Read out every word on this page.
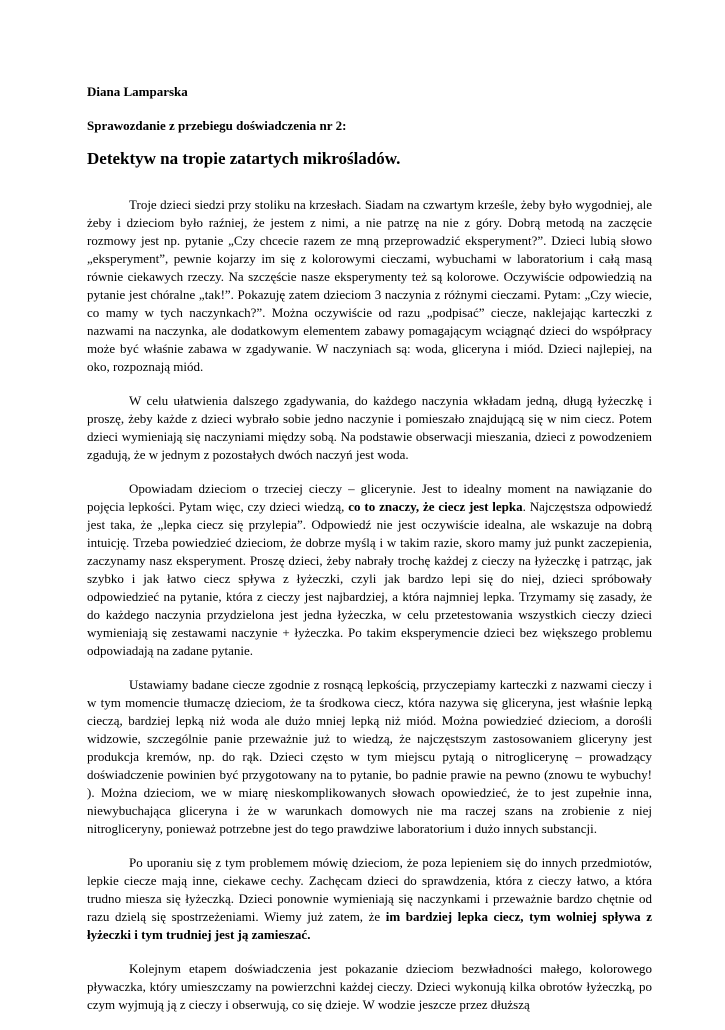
Diana Lamparska
Sprawozdanie z przebiegu doświadczenia nr 2:
Detektyw na tropie zatartych mikrośladów.
Troje dzieci siedzi przy stoliku na krzesłach. Siadam na czwartym krześle, żeby było wygodniej, ale żeby i dzieciom było raźniej, że jestem z nimi, a nie patrzę na nie z góry. Dobrą metodą na zaczęcie rozmowy jest np. pytanie „Czy chcecie razem ze mną przeprowadzić eksperyment?”. Dzieci lubią słowo „eksperyment”, pewnie kojarzy im się z kolorowymi cieczami, wybuchami w laboratorium i całą masą równie ciekawych rzeczy. Na szczęście nasze eksperymenty też są kolorowe. Oczywiście odpowiedzią na pytanie jest chóralne „tak!”. Pokazuję zatem dzieciom 3 naczynia z różnymi cieczami. Pytam: „Czy wiecie, co mamy w tych naczynkach?”. Można oczywiście od razu „podpisać” ciecze, naklejając karteczki z nazwami na naczynka, ale dodatkowym elementem zabawy pomagającym wciągnąć dzieci do współpracy może być właśnie zabawa w zgadywanie. W naczyniach są: woda, gliceryna i miód. Dzieci najlepiej, na oko, rozpoznają miód.
W celu ułatwienia dalszego zgadywania, do każdego naczynia wkładam jedną, długą łyżeczkę i proszę, żeby każde z dzieci wybrało sobie jedno naczynie i pomieszało znajdującą się w nim ciecz. Potem dzieci wymieniają się naczyniami między sobą. Na podstawie obserwacji mieszania, dzieci z powodzeniem zgadują, że w jednym z pozostałych dwóch naczyń jest woda.
Opowiadam dzieciom o trzeciej cieczy – glicerynie. Jest to idealny moment na nawiązanie do pojęcia lepkości. Pytam więc, czy dzieci wiedzą, co to znaczy, że ciecz jest lepka. Najczęstsza odpowiedź jest taka, że „lepka ciecz się przylepia”. Odpowiedź nie jest oczywiście idealna, ale wskazuje na dobrą intuicję. Trzeba powiedzieć dzieciom, że dobrze myślą i w takim razie, skoro mamy już punkt zaczepienia, zaczynamy nasz eksperyment. Proszę dzieci, żeby nabrały trochę każdej z cieczy na łyżeczkę i patrząc, jak szybko i jak łatwo ciecz spływa z łyżeczki, czyli jak bardzo lepi się do niej, dzieci spróbowały odpowiedzieć na pytanie, która z cieczy jest najbardziej, a która najmniej lepka. Trzymamy się zasady, że do każdego naczynia przydzielona jest jedna łyżeczka, w celu przetestowania wszystkich cieczy dzieci wymieniają się zestawami naczynie + łyżeczka. Po takim eksperymencie dzieci bez większego problemu odpowiadają na zadane pytanie.
Ustawiamy badane ciecze zgodnie z rosnącą lepkością, przyczepiamy karteczki z nazwami cieczy i w tym momencie tłumaczę dzieciom, że ta środkowa ciecz, która nazywa się gliceryna, jest właśnie lepką cieczą, bardziej lepką niż woda ale dużo mniej lepką niż miód. Można powiedzieć dzieciom, a dorośli widzowie, szczególnie panie przeważnie już to wiedzą, że najczęstszym zastosowaniem gliceryny jest produkcja kremów, np. do rąk. Dzieci często w tym miejscu pytają o nitroglicerynę – prowadzący doświadczenie powinien być przygotowany na to pytanie, bo padnie prawie na pewno (znowu te wybuchy! ). Można dzieciom, we w miarę nieskomplikowanych słowach opowiedzieć, że to jest zupełnie inna, niewybuchająca gliceryna i że w warunkach domowych nie ma raczej szans na zrobienie z niej nitrogliceryny, ponieważ potrzebne jest do tego prawdziwe laboratorium i dużo innych substancji.
Po uporaniu się z tym problemem mówię dzieciom, że poza lepieniem się do innych przedmiotów, lepkie ciecze mają inne, ciekawe cechy. Zachęcam dzieci do sprawdzenia, która z cieczy łatwo, a która trudno miesza się łyżeczką. Dzieci ponownie wymieniają się naczynkami i przeważnie bardzo chętnie od razu dzielą się spostrzeżeniami. Wiemy już zatem, że im bardziej lepka ciecz, tym wolniej spływa z łyżeczki i tym trudniej jest ją zamieszać.
Kolejnym etapem doświadczenia jest pokazanie dzieciom bezwładności małego, kolorowego pływaczka, który umieszczamy na powierzchni każdej cieczy. Dzieci wykonują kilka obrotów łyżeczką, po czym wyjmują ją z cieczy i obserwują, co się dzieje. W wodzie jeszcze przez dłuższą
